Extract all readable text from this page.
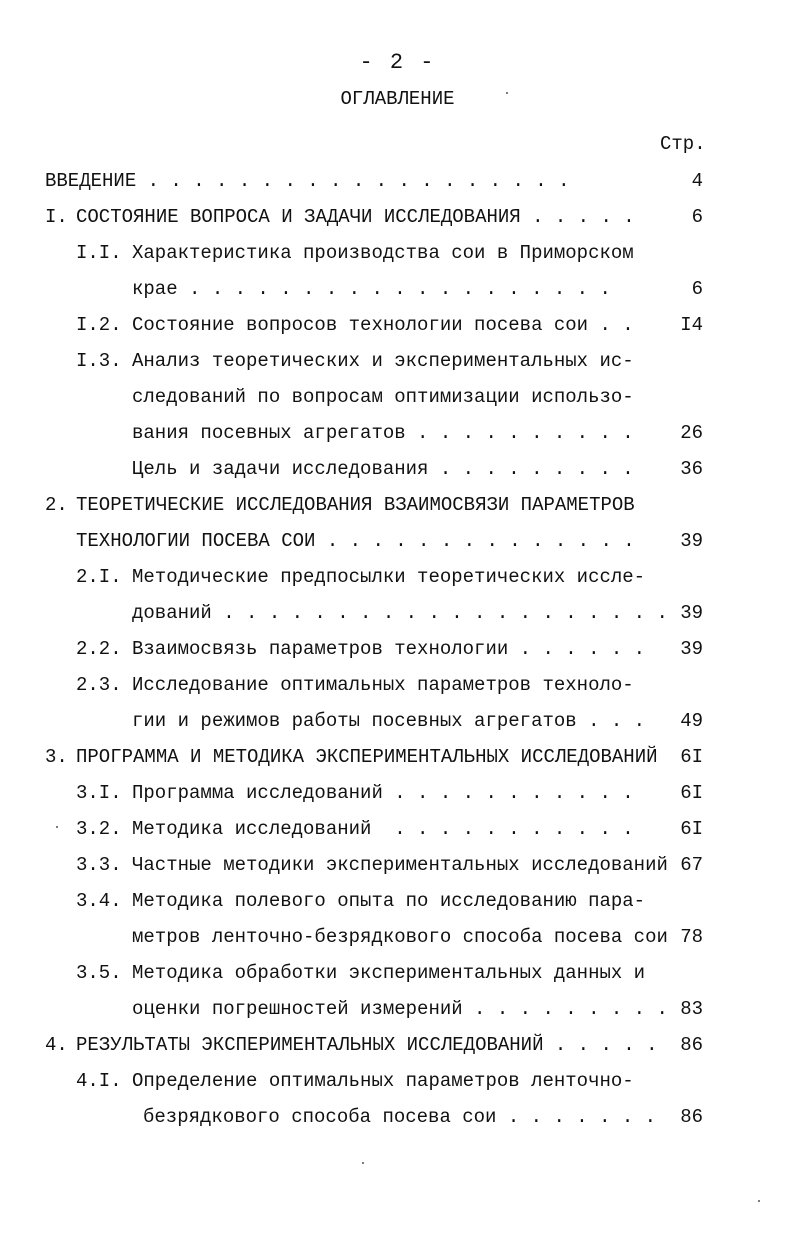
- 2 -
ОГЛАВЛЕНИЕ
Стр.
ВВЕДЕНИЕ . . . . . . . . . . . . . . . . . . .	4
I. СОСТОЯНИЕ ВОПРОСА И ЗАДАЧИ ИССЛЕДОВАНИЯ . . . . .	6
I.I. Характеристика производства сои в Приморском
крае . . . . . . . . . . . . . . . . . . .	6
I.2. Состояние вопросов технологии посева сои . . I4
I.3. Анализ теоретических и экспериментальных ис-
следований по вопросам оптимизации использо-
вания посевных агрегатов . . . . . . . . . . 26
Цель и задачи исследования . . . . . . . . . 36
2. ТЕОРЕТИЧЕСКИЕ ИССЛЕДОВАНИЯ ВЗАИМОСВЯЗИ ПАРАМЕТРОВ
ТЕХНОЛОГИИ ПОСЕВА СОИ . . . . . . . . . . . . . . 39
2.I. Методические предпосылки теоретических иссле-
дований . . . . . . . . . . . . . . . . . . . . 39
2.2. Взаимосвязь параметров технологии . . . . . . 39
2.3. Исследование оптимальных параметров техноло-
гии и режимов работы посевных агрегатов . . . 49
3. ПРОГРАММА И МЕТОДИКА ЭКСПЕРИМЕНТАЛЬНЫХ ИССЛЕДОВАНИЙ 6I
3.I. Программа исследований . . . . . . . . . . . 6I
3.2. Методика исследований  . . . . . . . . . . . 6I
3.3. Частные методики экспериментальных исследований 67
3.4. Методика полевого опыта по исследованию пара-
метров ленточно-безрядкового способа посева сои 78
3.5. Методика обработки экспериментальных данных и
оценки погрешностей измерений . . . . . . . . . 83
4. РЕЗУЛЬТАТЫ ЭКСПЕРИМЕНТАЛЬНЫХ ИССЛЕДОВАНИЙ . . . . . 86
4.I. Определение оптимальных параметров ленточно-
безрядкового способа посева сои . . . . . . . 86
